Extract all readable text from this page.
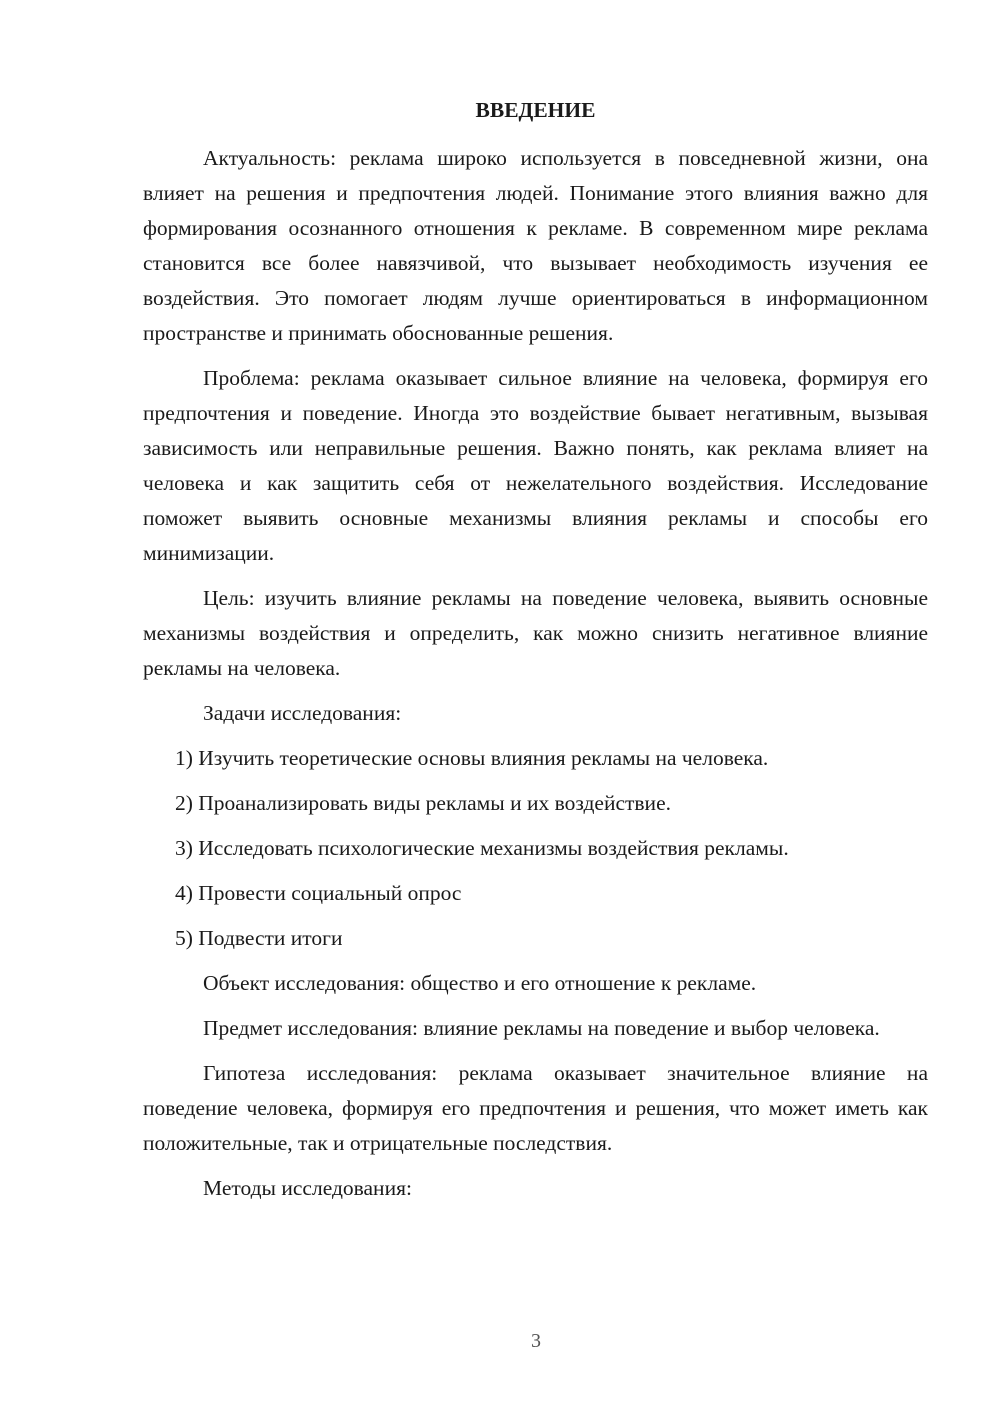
ВВЕДЕНИЕ

Актуальность: реклама широко используется в повседневной жизни, она влияет на решения и предпочтения людей. Понимание этого влияния важно для формирования осознанного отношения к рекламе. В современном мире реклама становится все более навязчивой, что вызывает необходимость изучения ее воздействия. Это помогает людям лучше ориентироваться в информационном пространстве и принимать обоснованные решения.

Проблема: реклама оказывает сильное влияние на человека, формируя его предпочтения и поведение. Иногда это воздействие бывает негативным, вызывая зависимость или неправильные решения. Важно понять, как реклама влияет на человека и как защитить себя от нежелательного воздействия. Исследование поможет выявить основные механизмы влияния рекламы и способы его минимизации.

Цель: изучить влияние рекламы на поведение человека, выявить основные механизмы воздействия и определить, как можно снизить негативное влияние рекламы на человека.

Задачи исследования:

1) Изучить теоретические основы влияния рекламы на человека.

2) Проанализировать виды рекламы и их воздействие.

3) Исследовать психологические механизмы воздействия рекламы.

4) Провести социальный опрос

5) Подвести итоги

Объект исследования: общество и его отношение к рекламе.

Предмет исследования: влияние рекламы на поведение и выбор человека.

Гипотеза исследования: реклама оказывает значительное влияние на поведение человека, формируя его предпочтения и решения, что может иметь как положительные, так и отрицательные последствия.

Методы исследования:

3
